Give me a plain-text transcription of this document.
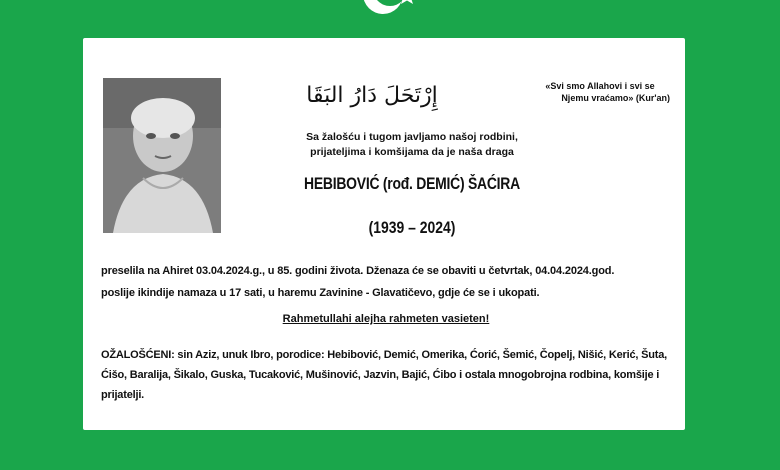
إِرْتَحَلَ دَارُ البَقَا	«Svi smo Allahovi i svi se
Njemu vraćamo» (Kur'an)
Sa žalošću i tugom javljamo našoj rodbini,
prijateljima i komšijama da je naša draga
HEBIBOVIĆ (rođ. DEMIĆ) ŠAĆIRA
(1939 – 2024)
preselila na Ahiret 03.04.2024.g., u 85. godini života. Dženaza će se obaviti u četvrtak, 04.04.2024.god.
poslije ikindije namaza u 17 sati, u haremu Zavinine - Glavatičevo, gdje će se i ukopati.
Rahmetullahi alejha rahmeten vasieten!
OŽALOŠĆENI: sin Aziz, unuk Ibro, porodice: Hebibović, Demić, Omerika, Ćorić, Šemić, Čopelj, Nišić, Kerić, Šuta, Ćišo, Baralija, Šikalo, Guska, Tucaković, Mušinović, Jazvin, Bajić, Ćibo i ostala mnogobrojna rodbina, komšije i prijatelji.
